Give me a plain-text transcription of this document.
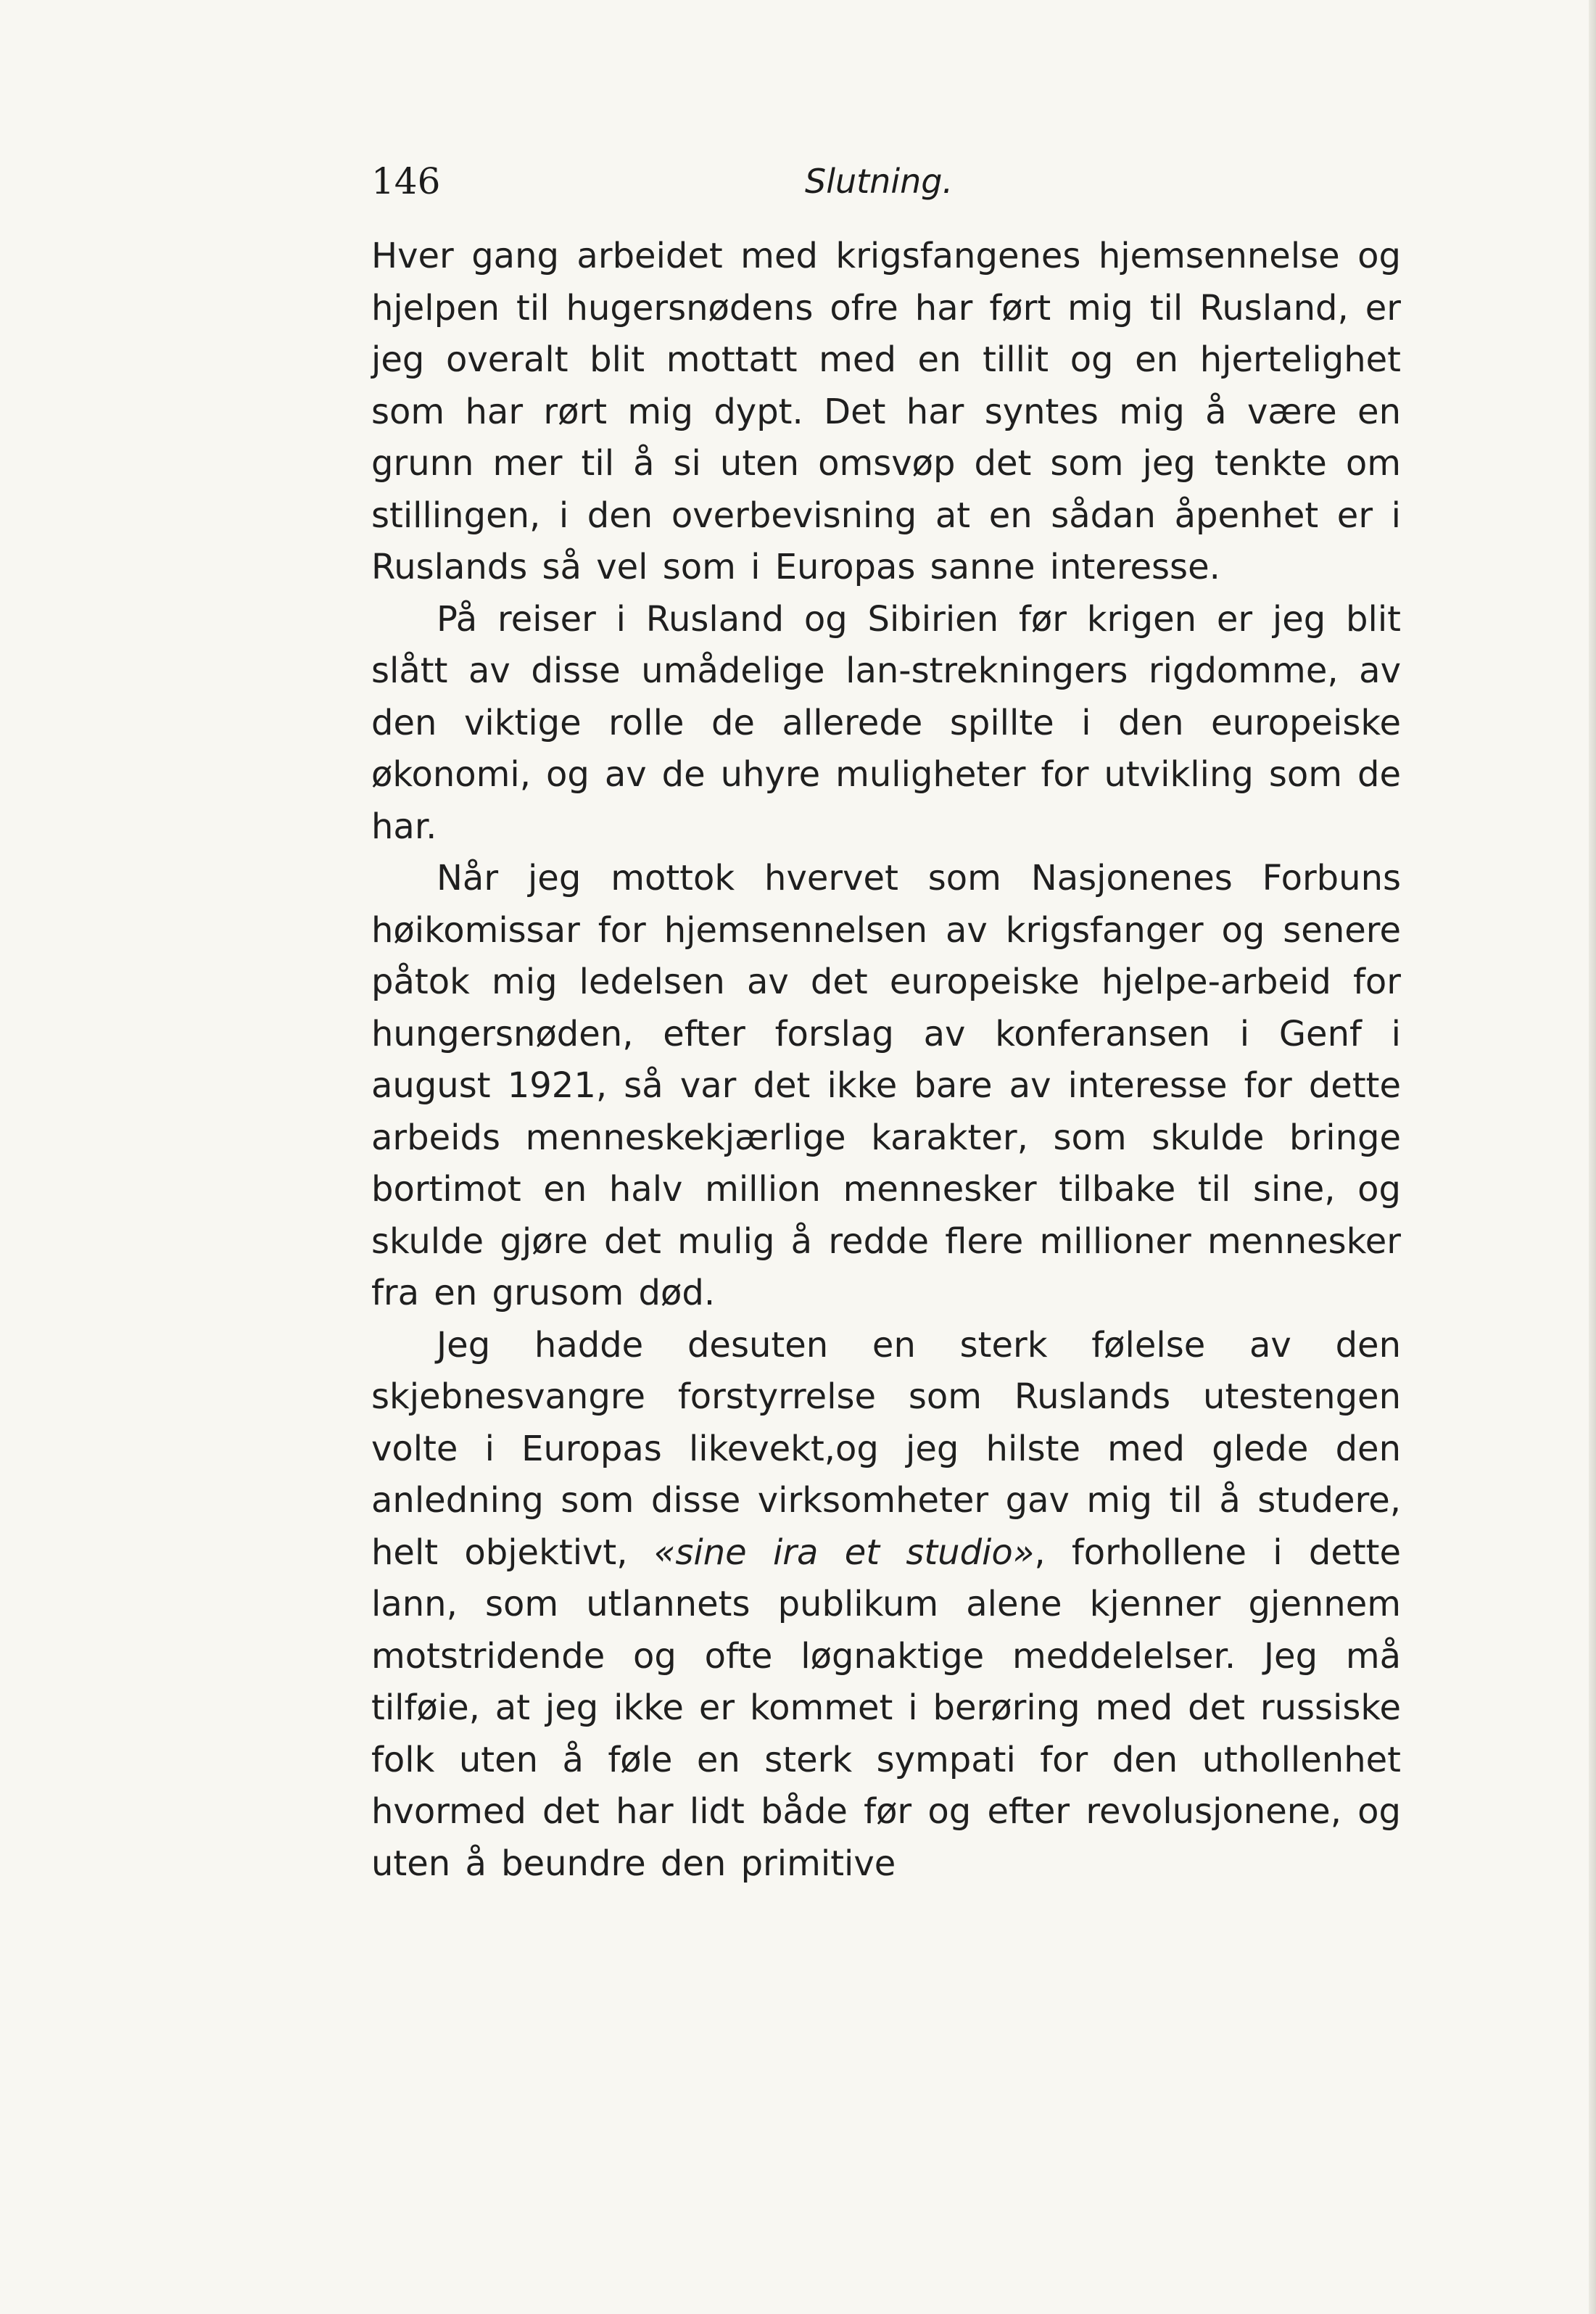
146	Slutning.

Hver gang arbeidet med krigsfangenes hjemsennelse og hjelpen til hugersnødens ofre har ført mig til Rusland, er jeg overalt blit mottatt med en tillit og en hjertelighet som har rørt mig dypt. Det har syntes mig å være en grunn mer til å si uten omsvøp det som jeg tenkte om stillingen, i den overbevisning at en sådan åpenhet er i Ruslands så vel som i Europas sanne interesse.

På reiser i Rusland og Sibirien før krigen er jeg blit slått av disse umådelige lan-strekningers rigdomme, av den viktige rolle de allerede spillte i den europeiske økonomi, og av de uhyre muligheter for utvikling som de har.

Når jeg mottok hvervet som Nasjonenes Forbuns høikomissar for hjemsennelsen av krigsfanger og senere påtok mig ledelsen av det europeiske hjelpe-arbeid for hungersnøden, efter forslag av konferansen i Genf i august 1921, så var det ikke bare av interesse for dette arbeids menneskekjærlige karakter, som skulde bringe bortimot en halv million mennesker tilbake til sine, og skulde gjøre det mulig å redde flere millioner mennesker fra en grusom død.

Jeg hadde desuten en sterk følelse av den skjebnesvangre forstyrrelse som Ruslands utestengen volte i Europas likevekt,og jeg hilste med glede den anledning som disse virksomheter gav mig til å studere, helt objektivt, «sine ira et studio», forhollene i dette lann, som utlannets publikum alene kjenner gjennem motstridende og ofte løgnaktige meddelelser. Jeg må tilføie, at jeg ikke er kommet i berøring med det russiske folk uten å føle en sterk sympati for den uthollenhet hvormed det har lidt både før og efter revolusjonene, og uten å beundre den primitive
